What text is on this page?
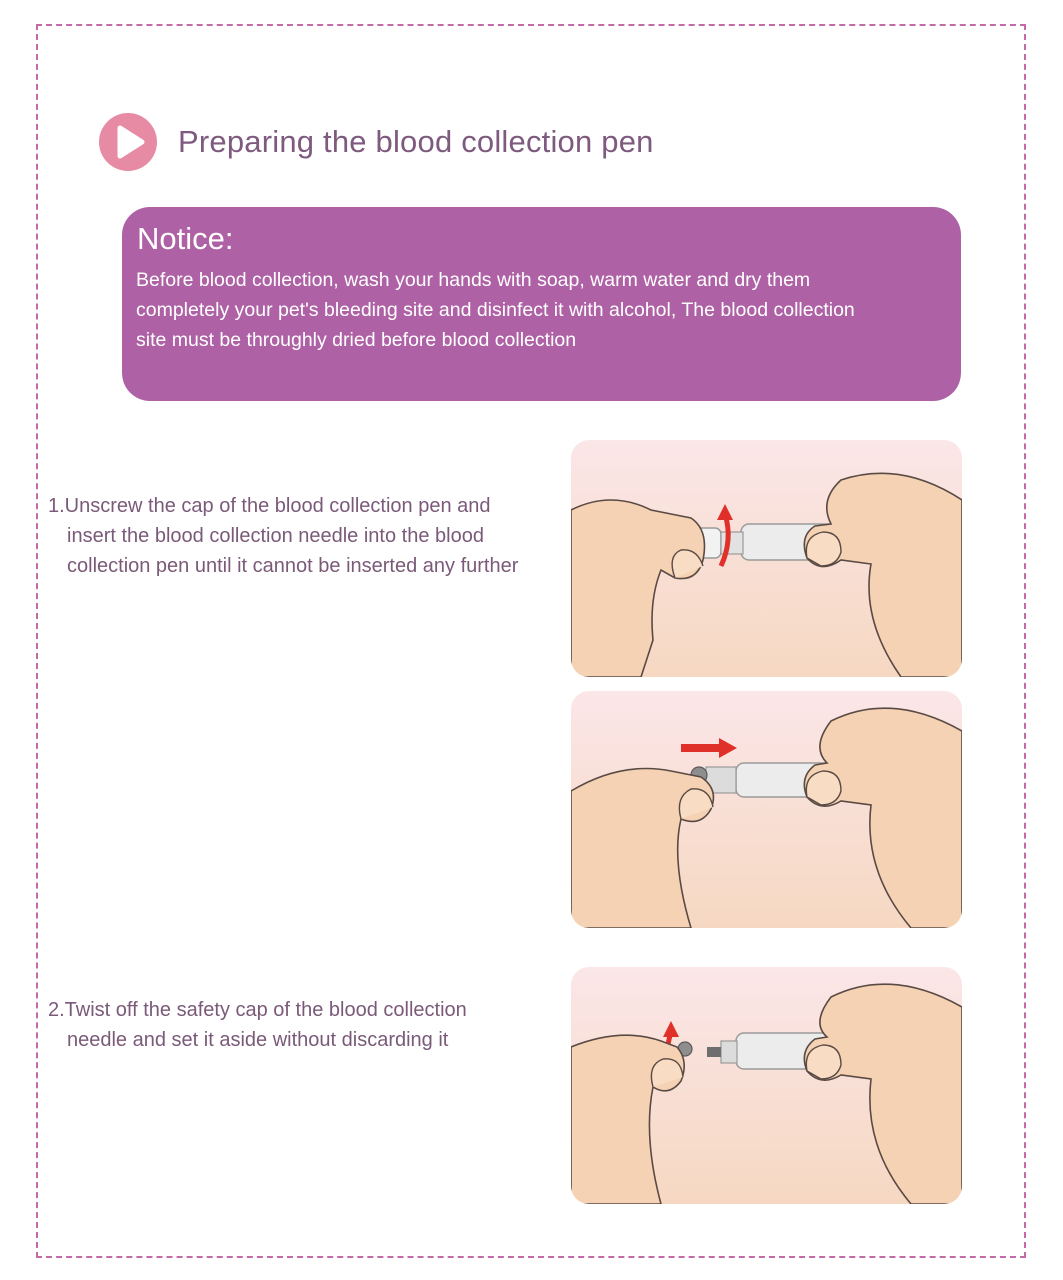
Preparing the blood collection pen
Notice:

Before blood collection, wash your hands with soap, warm water and dry them
completely your pet's bleeding site and disinfect it with alcohol, The blood collection
site must be throughly dried before blood collection

1.Unscrew the cap of the blood collection pen and
insert the blood collection needle into the blood
collection pen until it cannot be inserted any further
2.Twist off the safety cap of the blood collection
needle and set it aside without discarding it
